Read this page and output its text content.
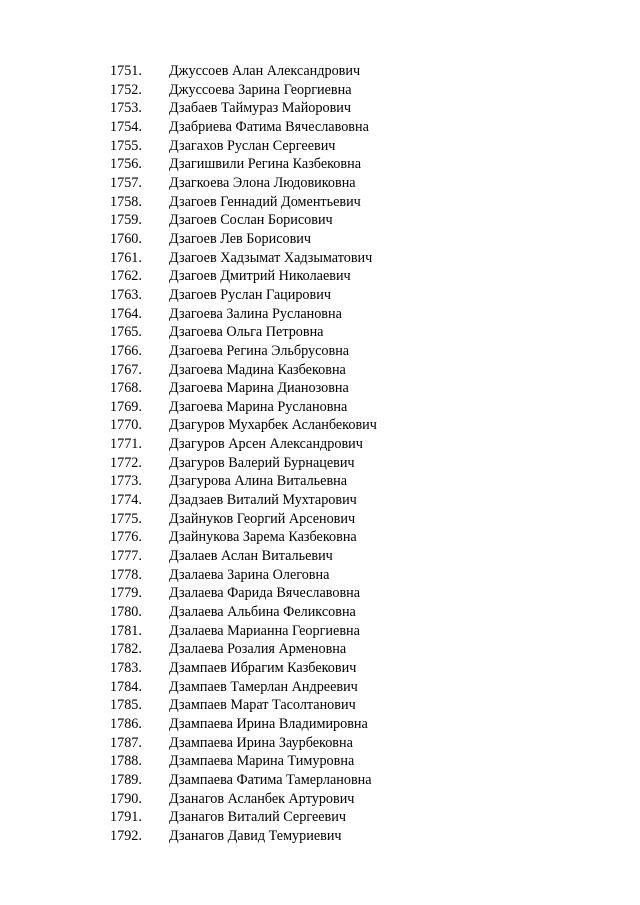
1751.	Джуссоев Алан Александрович
1752.	Джуссоева Зарина Георгиевна
1753.	Дзабаев Таймураз Майорович
1754.	Дзабриева Фатима Вячеславовна
1755.	Дзагахов Руслан Сергеевич
1756.	Дзагишвили Регина Казбековна
1757.	Дзагкоева Элона Людовиковна
1758.	Дзагоев Геннадий Доментьевич
1759.	Дзагоев Сослан Борисович
1760.	Дзагоев Лев Борисович
1761.	Дзагоев Хадзымат Хадзыматович
1762.	Дзагоев Дмитрий Николаевич
1763.	Дзагоев Руслан Гацирович
1764.	Дзагоева Залина Руслановна
1765.	Дзагоева Ольга Петровна
1766.	Дзагоева Регина Эльбрусовна
1767.	Дзагоева Мадина Казбековна
1768.	Дзагоева Марина Дианозовна
1769.	Дзагоева Марина Руслановна
1770.	Дзагуров Мухарбек Асланбекович
1771.	Дзагуров Арсен Александрович
1772.	Дзагуров Валерий Бурнацевич
1773.	Дзагурова Алина Витальевна
1774.	Дзадзаев Виталий Мухтарович
1775.	Дзайнуков Георгий Арсенович
1776.	Дзайнукова Зарема Казбековна
1777.	Дзалаев Аслан Витальевич
1778.	Дзалаева Зарина Олеговна
1779.	Дзалаева Фарида Вячеславовна
1780.	Дзалаева Альбина Феликсовна
1781.	Дзалаева Марианна Георгиевна
1782.	Дзалаева Розалия Арменовна
1783.	Дзампаев Ибрагим Казбекович
1784.	Дзампаев Тамерлан Андреевич
1785.	Дзампаев Марат Тасолтанович
1786.	Дзампаева Ирина Владимировна
1787.	Дзампаева Ирина Заурбековна
1788.	Дзампаева Марина Тимуровна
1789.	Дзампаева Фатима Тамерлановна
1790.	Дзанагов Асланбек Артурович
1791.	Дзанагов Виталий Сергеевич
1792.	Дзанагов Давид Темуриевич
